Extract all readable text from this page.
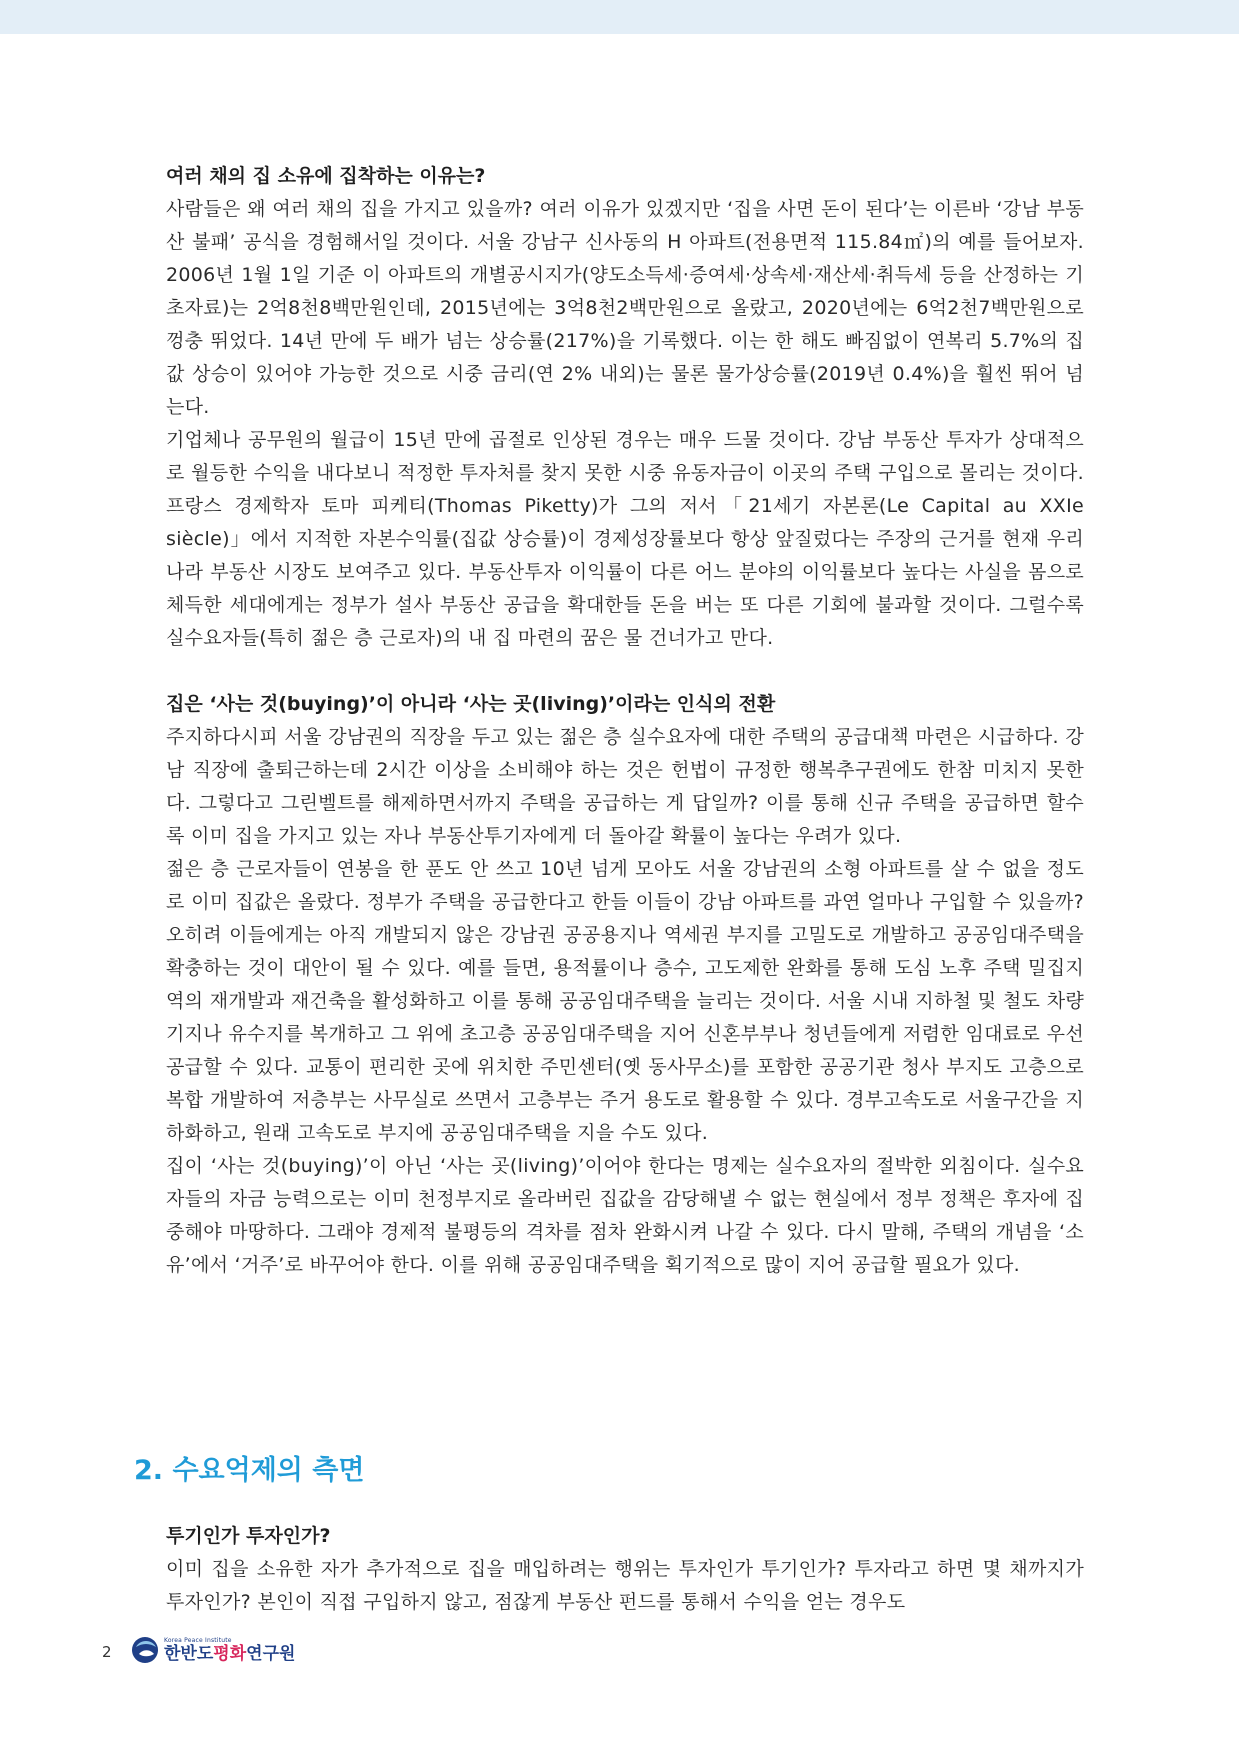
여러 채의 집 소유에 집착하는 이유는?

사람들은 왜 여러 채의 집을 가지고 있을까? 여러 이유가 있겠지만 ‘집을 사면 돈이 된다’는 이른바 ‘강남 부동산 불패’ 공식을 경험해서일 것이다. 서울 강남구 신사동의 H 아파트(전용면적 115.84㎡)의 예를 들어보자. 2006년 1월 1일 기준 이 아파트의 개별공시지가(양도소득세·증여세·상속세·재산세·취득세 등을 산정하는 기초자료)는 2억8천8백만원인데, 2015년에는 3억8천2백만원으로 올랐고, 2020년에는 6억2천7백만원으로 껑충 뛰었다. 14년 만에 두 배가 넘는 상승률(217%)을 기록했다. 이는 한 해도 빠짐없이 연복리 5.7%의 집값 상승이 있어야 가능한 것으로 시중 금리(연 2% 내외)는 물론 물가상승률(2019년 0.4%)을 훨씬 뛰어 넘는다.

기업체나 공무원의 월급이 15년 만에 곱절로 인상된 경우는 매우 드물 것이다. 강남 부동산 투자가 상대적으로 월등한 수익을 내다보니 적정한 투자처를 찾지 못한 시중 유동자금이 이곳의 주택 구입으로 몰리는 것이다. 프랑스 경제학자 토마 피케티(Thomas Piketty)가 그의 저서「21세기 자본론(Le Capital au XXIe siècle)」에서 지적한 자본수익률(집값 상승률)이 경제성장률보다 항상 앞질렀다는 주장의 근거를 현재 우리나라 부동산 시장도 보여주고 있다. 부동산투자 이익률이 다른 어느 분야의 이익률보다 높다는 사실을 몸으로 체득한 세대에게는 정부가 설사 부동산 공급을 확대한들 돈을 버는 또 다른 기회에 불과할 것이다. 그럴수록 실수요자들(특히 젊은 층 근로자)의 내 집 마련의 꿈은 물 건너가고 만다.

집은 ‘사는 것(buying)’이 아니라 ‘사는 곳(living)’이라는 인식의 전환

주지하다시피 서울 강남권의 직장을 두고 있는 젊은 층 실수요자에 대한 주택의 공급대책 마련은 시급하다. 강남 직장에 출퇴근하는데 2시간 이상을 소비해야 하는 것은 헌법이 규정한 행복추구권에도 한참 미치지 못한다. 그렇다고 그린벨트를 해제하면서까지 주택을 공급하는 게 답일까? 이를 통해 신규 주택을 공급하면 할수록 이미 집을 가지고 있는 자나 부동산투기자에게 더 돌아갈 확률이 높다는 우려가 있다.

젊은 층 근로자들이 연봉을 한 푼도 안 쓰고 10년 넘게 모아도 서울 강남권의 소형 아파트를 살 수 없을 정도로 이미 집값은 올랐다. 정부가 주택을 공급한다고 한들 이들이 강남 아파트를 과연 얼마나 구입할 수 있을까? 오히려 이들에게는 아직 개발되지 않은 강남권 공공용지나 역세권 부지를 고밀도로 개발하고 공공임대주택을 확충하는 것이 대안이 될 수 있다. 예를 들면, 용적률이나 층수, 고도제한 완화를 통해 도심 노후 주택 밀집지역의 재개발과 재건축을 활성화하고 이를 통해 공공임대주택을 늘리는 것이다. 서울 시내 지하철 및 철도 차량기지나 유수지를 복개하고 그 위에 초고층 공공임대주택을 지어 신혼부부나 청년들에게 저렴한 임대료로 우선 공급할 수 있다. 교통이 편리한 곳에 위치한 주민센터(옛 동사무소)를 포함한 공공기관 청사 부지도 고층으로 복합 개발하여 저층부는 사무실로 쓰면서 고층부는 주거 용도로 활용할 수 있다. 경부고속도로 서울구간을 지하화하고, 원래 고속도로 부지에 공공임대주택을 지을 수도 있다.

집이 ‘사는 것(buying)’이 아닌 ‘사는 곳(living)’이어야 한다는 명제는 실수요자의 절박한 외침이다. 실수요자들의 자금 능력으로는 이미 천정부지로 올라버린 집값을 감당해낼 수 없는 현실에서 정부 정책은 후자에 집중해야 마땅하다. 그래야 경제적 불평등의 격차를 점차 완화시켜 나갈 수 있다. 다시 말해, 주택의 개념을 ‘소유’에서 ‘거주’로 바꾸어야 한다. 이를 위해 공공임대주택을 획기적으로 많이 지어 공급할 필요가 있다.

2. 수요억제의 측면

투기인가 투자인가?

이미 집을 소유한 자가 추가적으로 집을 매입하려는 행위는 투자인가 투기인가? 투자라고 하면 몇 채까지가 투자인가? 본인이 직접 구입하지 않고, 점잖게 부동산 펀드를 통해서 수익을 얻는 경우도

2
Korea Peace Institute
한반도평화연구원
